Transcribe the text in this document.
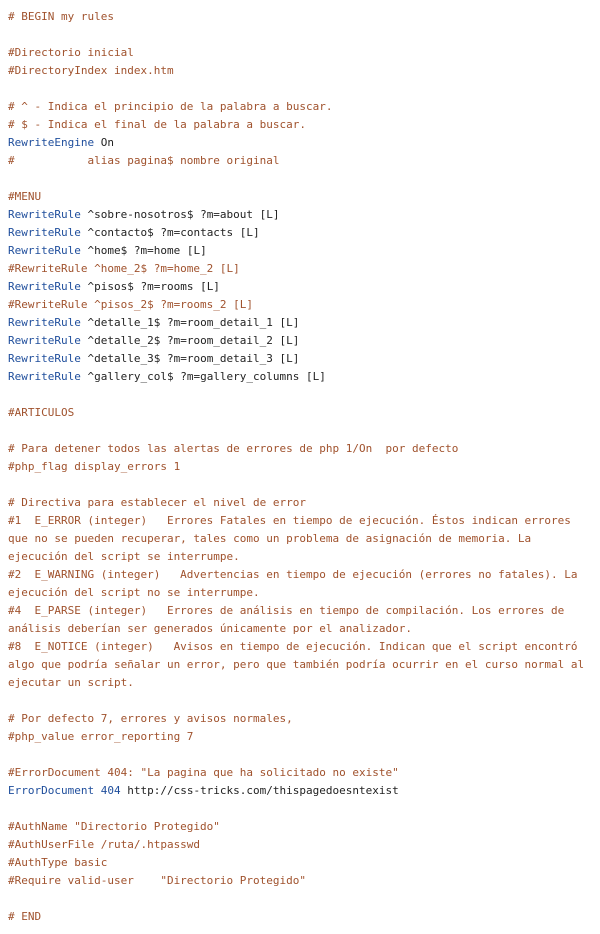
# BEGIN my rules
#Directorio inicial
#DirectoryIndex index.htm
# ^ - Indica el principio de la palabra a buscar.
# $ - Indica el final de la palabra a buscar.
RewriteEngine On
#           alias pagina$ nombre original
#MENU
RewriteRule ^sobre-nosotros$ ?m=about [L]
RewriteRule ^contacto$ ?m=contacts [L]
RewriteRule ^home$ ?m=home [L]
#RewriteRule ^home_2$ ?m=home_2 [L]
RewriteRule ^pisos$ ?m=rooms [L]
#RewriteRule ^pisos_2$ ?m=rooms_2 [L]
RewriteRule ^detalle_1$ ?m=room_detail_1 [L]
RewriteRule ^detalle_2$ ?m=room_detail_2 [L]
RewriteRule ^detalle_3$ ?m=room_detail_3 [L]
RewriteRule ^gallery_col$ ?m=gallery_columns [L]
#ARTICULOS
# Para detener todos las alertas de errores de php 1/On  por defecto
#php_flag display_errors 1
# Directiva para establecer el nivel de error
#1  E_ERROR (integer)   Errores Fatales en tiempo de ejecución. Éstos indican errores que no se pueden recuperar, tales como un problema de asignación de memoria. La ejecución del script se interrumpe.
#2  E_WARNING (integer)   Advertencias en tiempo de ejecución (errores no fatales). La ejecución del script no se interrumpe.
#4  E_PARSE (integer)   Errores de análisis en tiempo de compilación. Los errores de análisis deberían ser generados únicamente por el analizador.
#8  E_NOTICE (integer)   Avisos en tiempo de ejecución. Indican que el script encontró algo que podría señalar un error, pero que también podría ocurrir en el curso normal al ejecutar un script.
# Por defecto 7, errores y avisos normales,
#php_value error_reporting 7
#ErrorDocument 404: "La pagina que ha solicitado no existe"
ErrorDocument 404 http://css-tricks.com/thispagedoesntexist
#AuthName "Directorio Protegido"
#AuthUserFile /ruta/.htpasswd
#AuthType basic
#Require valid-user    "Directorio Protegido"
# END
